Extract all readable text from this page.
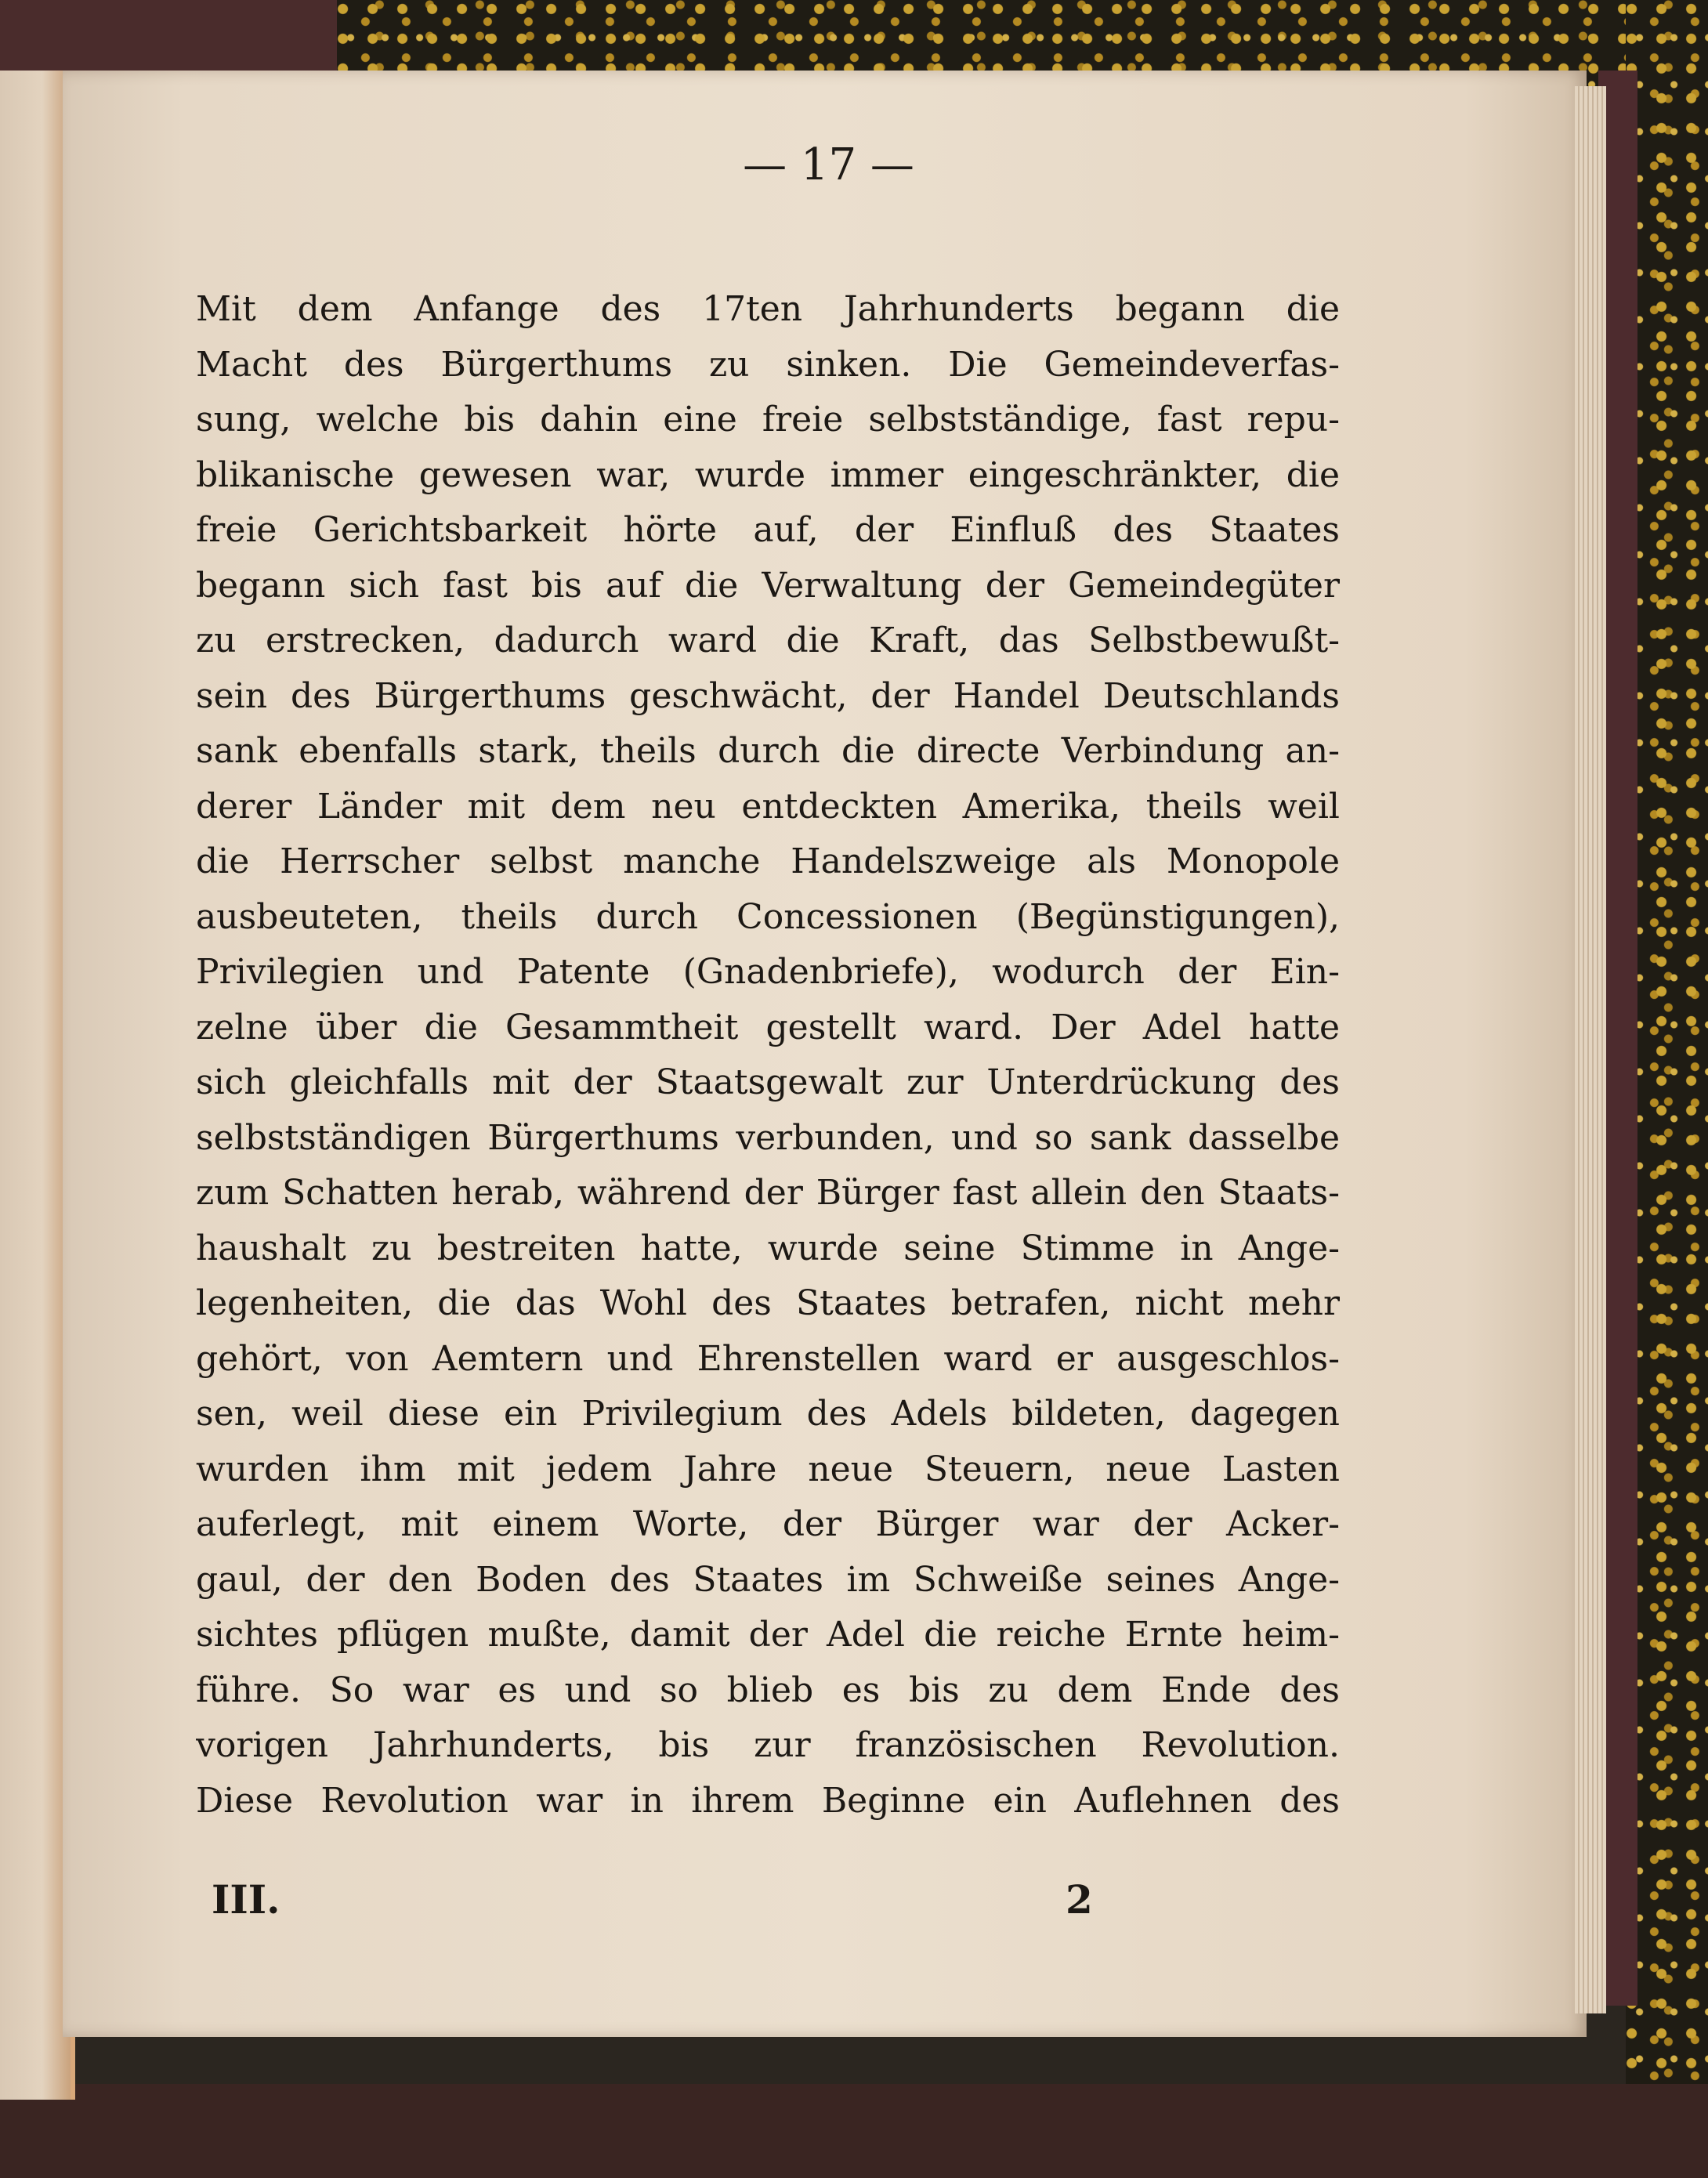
— 17 —
Mit dem Anfange des 17ten Jahrhunderts begann die
Macht des Bürgerthums zu sinken. Die Gemeindeverfas-
sung, welche bis dahin eine freie selbstständige, fast repu-
blikanische gewesen war, wurde immer eingeschränkter, die
freie Gerichtsbarkeit hörte auf, der Einfluß des Staates
begann sich fast bis auf die Verwaltung der Gemeindegüter
zu erstrecken, dadurch ward die Kraft, das Selbstbewußt-
sein des Bürgerthums geschwächt, der Handel Deutschlands
sank ebenfalls stark, theils durch die directe Verbindung an-
derer Länder mit dem neu entdeckten Amerika, theils weil
die Herrscher selbst manche Handelszweige als Monopole
ausbeuteten, theils durch Concessionen (Begünstigungen),
Privilegien und Patente (Gnadenbriefe), wodurch der Ein-
zelne über die Gesammtheit gestellt ward. Der Adel hatte
sich gleichfalls mit der Staatsgewalt zur Unterdrückung des
selbstständigen Bürgerthums verbunden, und so sank dasselbe
zum Schatten herab, während der Bürger fast allein den Staats-
haushalt zu bestreiten hatte, wurde seine Stimme in Ange-
legenheiten, die das Wohl des Staates betrafen, nicht mehr
gehört, von Aemtern und Ehrenstellen ward er ausgeschlos-
sen, weil diese ein Privilegium des Adels bildeten, dagegen
wurden ihm mit jedem Jahre neue Steuern, neue Lasten
auferlegt, mit einem Worte, der Bürger war der Acker-
gaul, der den Boden des Staates im Schweiße seines Ange-
sichtes pflügen mußte, damit der Adel die reiche Ernte heim-
führe. So war es und so blieb es bis zu dem Ende des
vorigen Jahrhunderts, bis zur französischen Revolution.
Diese Revolution war in ihrem Beginne ein Auflehnen des
III.	2
